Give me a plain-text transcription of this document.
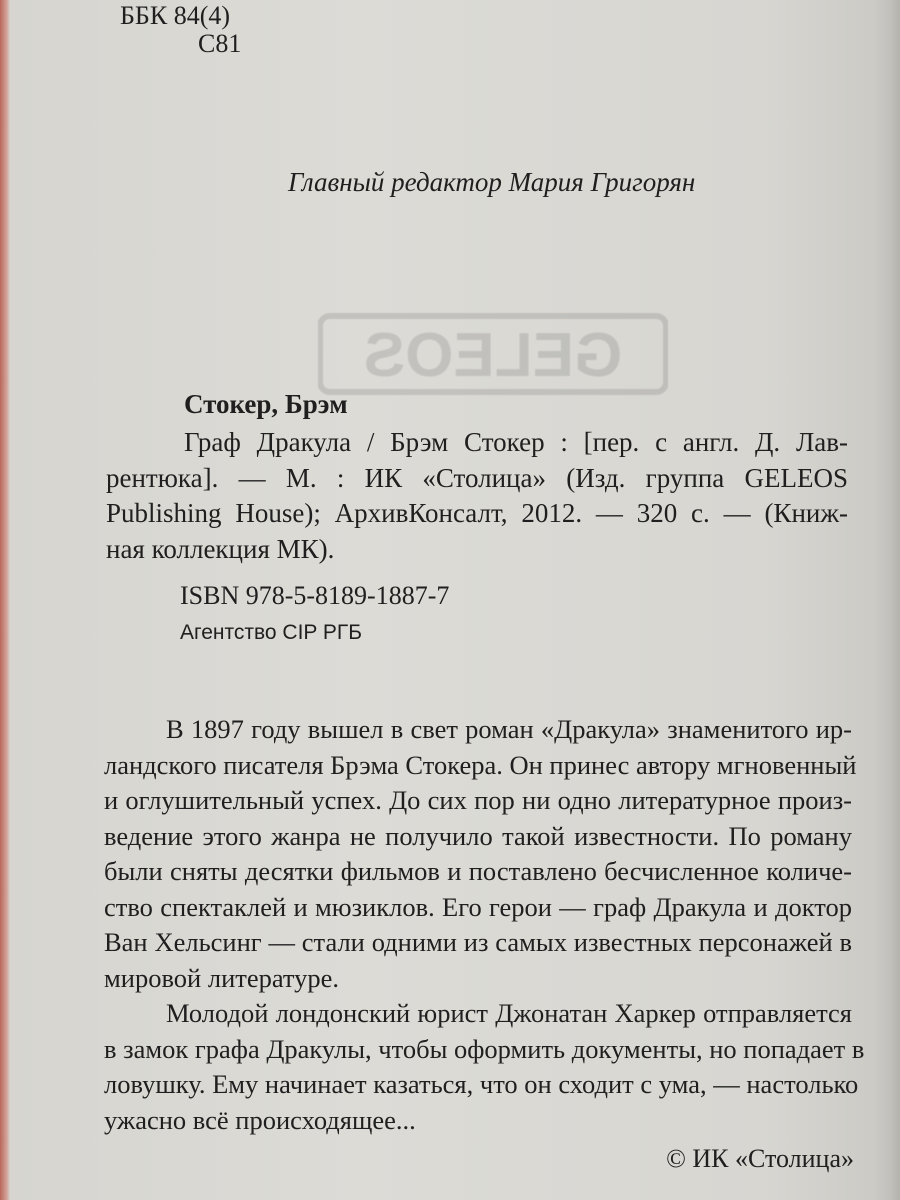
GELEOS

ББК 84(4)

С81

Главный редактор Мария Григорян

Стокер, Брэм

Граф Дракула / Брэм Стокер : [пер. с англ. Д. Лав-
рентюка]. — М. : ИК «Столица» (Изд. группа GELEOS
Publishing House); АрхивКонсалт, 2012. — 320 с. — (Книж-
ная коллекция МК).

ISBN 978-5-8189-1887-7

Агентство CIP РГБ

В 1897 году вышел в свет роман «Дракула» знаменитого ир-
ландского писателя Брэма Стокера. Он принес автору мгновенный
и оглушительный успех. До сих пор ни одно литературное произ-
ведение этого жанра не получило такой известности. По роману
были сняты десятки фильмов и поставлено бесчисленное количе-
ство спектаклей и мюзиклов. Его герои — граф Дракула и доктор
Ван Хельсинг — стали одними из самых известных персонажей в
мировой литературе.
Молодой лондонский юрист Джонатан Харкер отправляется
в замок графа Дракулы, чтобы оформить документы, но попадает в
ловушку. Ему начинает казаться, что он сходит с ума, — настолько
ужасно всё происходящее...

© ИК «Столица»
